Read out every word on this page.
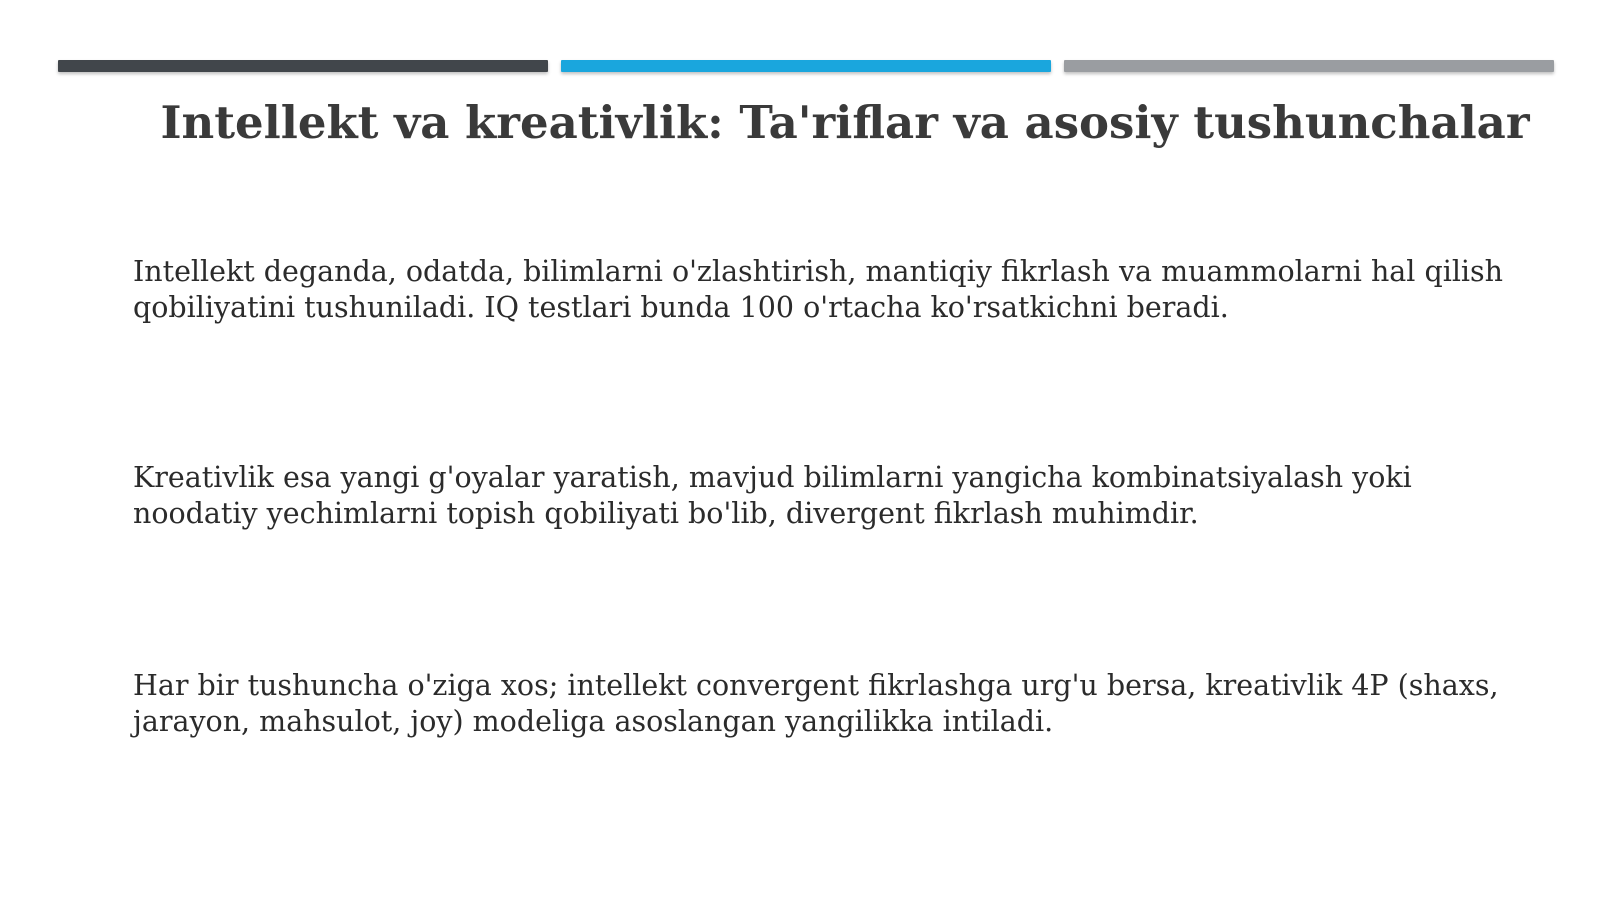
Intellekt va kreativlik: Ta'riflar va asosiy tushunchalar

Intellekt deganda, odatda, bilimlarni o'zlashtirish, mantiqiy fikrlash va muammolarni hal qilish qobiliyatini tushuniladi. IQ testlari bunda 100 o'rtacha ko'rsatkichni beradi.

Kreativlik esa yangi g'oyalar yaratish, mavjud bilimlarni yangicha kombinatsiyalash yoki noodatiy yechimlarni topish qobiliyati bo'lib, divergent fikrlash muhimdir.

Har bir tushuncha o'ziga xos; intellekt convergent fikrlashga urg'u bersa, kreativlik 4P (shaxs, jarayon, mahsulot, joy) modeliga asoslangan yangilikka intiladi.
